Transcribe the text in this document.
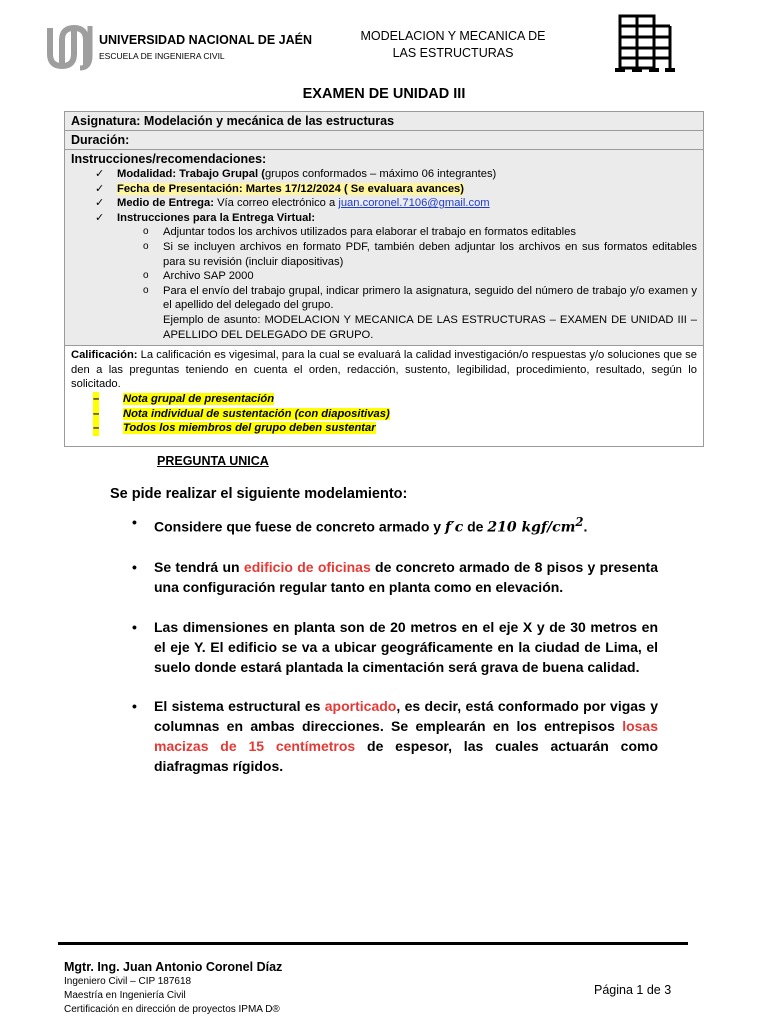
UNIVERSIDAD NACIONAL DE JAÉN
ESCUELA DE INGENIERA CIVIL
MODELACION Y MECANICA DE
LAS ESTRUCTURAS
EXAMEN DE UNIDAD III
Asignatura: Modelación y mecánica de las estructuras
Duración:
Instrucciones/recomendaciones:
✓	Modalidad: Trabajo Grupal (grupos conformados – máximo 06 integrantes)
✓	Fecha de Presentación: Martes 17/12/2024 ( Se evaluara avances)
✓	Medio de Entrega: Vía correo electrónico a juan.coronel.7106@gmail.com
✓	Instrucciones para la Entrega Virtual:
o Adjuntar todos los archivos utilizados para elaborar el trabajo en formatos editables
o Si se incluyen archivos en formato PDF, también deben adjuntar los archivos en sus formatos editables para su revisión (incluir diapositivas)
o Archivo SAP 2000
o Para el envío del trabajo grupal, indicar primero la asignatura, seguido del número de trabajo y/o examen y el apellido del delegado del grupo.
Ejemplo de asunto: MODELACION Y MECANICA DE LAS ESTRUCTURAS – EXAMEN DE UNIDAD III – APELLIDO DEL DELEGADO DE GRUPO.
Calificación: La calificación es vigesimal, para la cual se evaluará la calidad investigación/o respuestas y/o soluciones que se den a las preguntas teniendo en cuenta el orden, redacción, sustento, legibilidad, procedimiento, resultado, según lo solicitado.
– Nota grupal de presentación
– Nota individual de sustentación (con diapositivas)
– Todos los miembros del grupo deben sustentar
PREGUNTA UNICA
Se pide realizar el siguiente modelamiento:
• Considere que fuese de concreto armado y f′c de 210 kgf/$cm^2$.
• Se tendrá un edificio de oficinas de concreto armado de 8 pisos y presenta una configuración regular tanto en planta como en elevación.
• Las dimensiones en planta son de 20 metros en el eje X y de 30 metros en el eje Y. El edificio se va a ubicar geográficamente en la ciudad de Lima, el suelo donde estará plantada la cimentación será grava de buena calidad.
• El sistema estructural es aporticado, es decir, está conformado por vigas y columnas en ambas direcciones. Se emplearán en los entrepisos losas macizas de 15 centímetros de espesor, las cuales actuarán como diafragmas rígidos.
Mgtr. Ing. Juan Antonio Coronel Díaz
Ingeniero Civil – CIP 187618
Maestría en Ingeniería Civil
Certificación en dirección de proyectos IPMA D®
Página 1 de 3
